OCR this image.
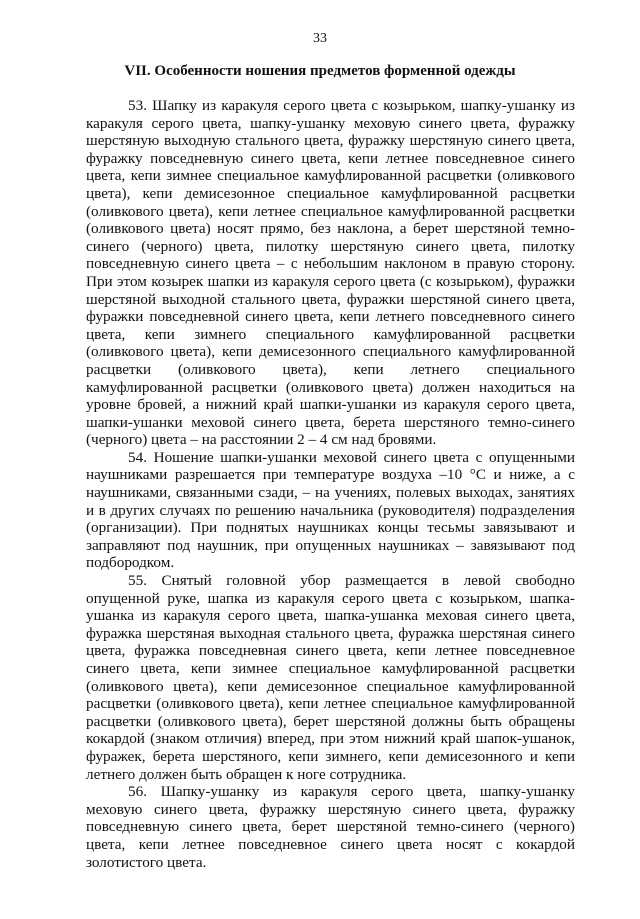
33
VII. Особенности ношения предметов форменной одежды

53. Шапку из каракуля серого цвета с козырьком, шапку-ушанку из каракуля серого цвета, шапку-ушанку меховую синего цвета, фуражку шерстяную выходную стального цвета, фуражку шерстяную синего цвета, фуражку повседневную синего цвета, кепи летнее повседневное синего цвета, кепи зимнее специальное камуфлированной расцветки (оливкового цвета), кепи демисезонное специальное камуфлированной расцветки (оливкового цвета), кепи летнее специальное камуфлированной расцветки (оливкового цвета) носят прямо, без наклона, а берет шерстяной темно-синего (черного) цвета, пилотку шерстяную синего цвета, пилотку повседневную синего цвета – с небольшим наклоном в правую сторону. При этом козырек шапки из каракуля серого цвета (с козырьком), фуражки шерстяной выходной стального цвета, фуражки шерстяной синего цвета, фуражки повседневной синего цвета, кепи летнего повседневного синего цвета, кепи зимнего специального камуфлированной расцветки (оливкового цвета), кепи демисезонного специального камуфлированной расцветки (оливкового цвета), кепи летнего специального камуфлированной расцветки (оливкового цвета) должен находиться на уровне бровей, а нижний край шапки-ушанки из каракуля серого цвета, шапки-ушанки меховой синего цвета, берета шерстяного темно-синего (черного) цвета – на расстоянии 2 – 4 см над бровями.

54. Ношение шапки-ушанки меховой синего цвета с опущенными наушниками разрешается при температуре воздуха –10 °С и ниже, а с наушниками, связанными сзади, – на учениях, полевых выходах, занятиях и в других случаях по решению начальника (руководителя) подразделения (организации). При поднятых наушниках концы тесьмы завязывают и заправляют под наушник, при опущенных наушниках – завязывают под подбородком.

55. Снятый головной убор размещается в левой свободно опущенной руке, шапка из каракуля серого цвета с козырьком, шапка-ушанка из каракуля серого цвета, шапка-ушанка меховая синего цвета, фуражка шерстяная выходная стального цвета, фуражка шерстяная синего цвета, фуражка повседневная синего цвета, кепи летнее повседневное синего цвета, кепи зимнее специальное камуфлированной расцветки (оливкового цвета), кепи демисезонное специальное камуфлированной расцветки (оливкового цвета), кепи летнее специальное камуфлированной расцветки (оливкового цвета), берет шерстяной должны быть обращены кокардой (знаком отличия) вперед, при этом нижний край шапок-ушанок, фуражек, берета шерстяного, кепи зимнего, кепи демисезонного и кепи летнего должен быть обращен к ноге сотрудника.

56. Шапку-ушанку из каракуля серого цвета, шапку-ушанку меховую синего цвета, фуражку шерстяную синего цвета, фуражку повседневную синего цвета, берет шерстяной темно-синего (черного) цвета, кепи летнее повседневное синего цвета носят с кокардой золотистого цвета.
